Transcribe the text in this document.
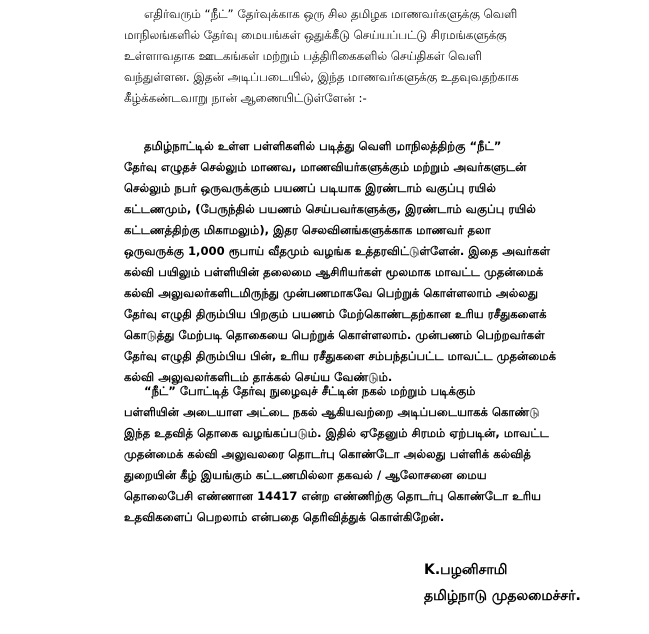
எதிர்வரும் “நீட்” தேர்வுக்காக ஒரு சில தமிழக மாணவர்களுக்கு வெளி
மாநிலங்களில் தேர்வு மையங்கள் ஒதுக்கீடு செய்யப்பட்டு சிரமங்களுக்கு
உள்ளாவதாக ஊடகங்கள் மற்றும் பத்திரிகைகளில் செய்திகள் வெளி
வந்துள்ளன. இதன் அடிப்படையில், இந்த மாணவர்களுக்கு உதவுவதற்காக
கீழ்க்கண்டவாறு நான் ஆணையிட்டுள்ளேன் :-
தமிழ்நாட்டில் உள்ள பள்ளிகளில் படித்து வெளி மாநிலத்திற்கு “நீட்”
தேர்வு எழுதச் செல்லும் மாணவ, மாணவியர்களுக்கும் மற்றும் அவர்களுடன்
செல்லும் நபர் ஒருவருக்கும் பயணப் படியாக இரண்டாம் வகுப்பு ரயில்
கட்டணமும், (பேருந்தில் பயணம் செய்பவர்களுக்கு, இரண்டாம் வகுப்பு ரயில்
கட்டணத்திற்கு மிகாமலும்), இதர செலவினங்களுக்காக மாணவர் தலா
ஒருவருக்கு 1,000 ரூபாய் வீதமும் வழங்க உத்தரவிட்டுள்ளேன். இதை அவர்கள்
கல்வி பயிலும் பள்ளியின் தலைமை ஆசிரியர்கள் மூலமாக மாவட்ட முதன்மைக்
கல்வி அலுவலர்களிடமிருந்து முன்பணமாகவே பெற்றுக் கொள்ளலாம் அல்லது
தேர்வு எழுதி திரும்பிய பிறகும் பயணம் மேற்கொண்டதற்கான உரிய ரசீதுகளைக்
கொடுத்து மேற்படி தொகையை பெற்றுக் கொள்ளலாம். முன்பணம் பெற்றவர்கள்
தேர்வு எழுதி திரும்பிய பின், உரிய ரசீதுகளை சம்பந்தப்பட்ட மாவட்ட முதன்மைக்
கல்வி அலுவலர்களிடம் தாக்கல் செய்ய வேண்டும்.
“நீட்” போட்டித் தேர்வு நுழைவுச் சீட்டின் நகல் மற்றும் படிக்கும்
பள்ளியின் அடையாள அட்டை நகல் ஆகியவற்றை அடிப்படையாகக் கொண்டு
இந்த உதவித் தொகை வழங்கப்படும். இதில் ஏதேனும் சிரமம் ஏற்படின், மாவட்ட
முதன்மைக் கல்வி அலுவலரை தொடர்பு கொண்டோ அல்லது பள்ளிக் கல்வித்
துறையின் கீழ் இயங்கும் கட்டணமில்லா தகவல் / ஆலோசனை மைய
தொலைபேசி எண்ணான 14417 என்ற எண்ணிற்கு தொடர்பு கொண்டோ உரிய
உதவிகளைப் பெறலாம் என்பதை தெரிவித்துக் கொள்கிறேன்.
K.பழனிசாமி
தமிழ்நாடு முதலமைச்சர்.
